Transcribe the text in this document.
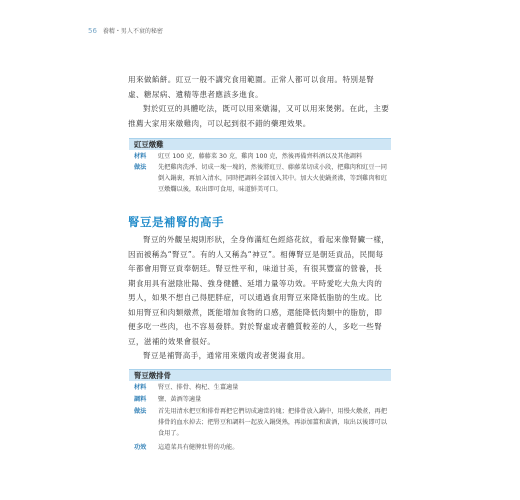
56 養精・男人不衰的秘密

用來做餡餅。豇豆一般不講究食用範圍。正常人都可以食用。特別是腎虛、糖尿病、遺精等患者應該多進食。

對於豇豆的具體吃法，既可以用來燉湯，又可以用來煲粥。在此，主要推薦大家用來燉雞肉，可以起到很不錯的藥理效果。

豇豆燉雞
材料	豇豆 100 克，藤藤菜 30 克，雞肉 100 克，然後再備齊料酒以及其他調料
做法	先把雞肉洗淨、切成一塊一塊的，然後將豇豆、藤藤菜切成小段，把雞肉和豇豆一同倒入鍋裏，再加入清水，同時把調料全部加入其中。加大火使鍋煮沸，等到雞肉和豇豆燉爛以後，取出即可食用，味道鮮美可口。
腎豆是補腎的高手

腎豆的外觀呈規則形狀，全身佈滿紅色經絡花紋，看起來像腎臟一樣，因而被稱為“腎豆”。有的人又稱為“神豆”。相傳腎豆是朝廷貢品，民間每年都會用腎豆貢奉朝廷。腎豆性平和，味道甘美，有很其豐富的營養，長期食用具有滋陰壯陽、強身健體、延增力量等功效。平時愛吃大魚大肉的男人，如果不想自己得肥胖症，可以通過食用腎豆來降低脂肪的生成。比如用腎豆和肉類燉煮，既能增加食物的口感，還能降低肉類中的脂肪，即便多吃一些肉，也不容易發胖。對於腎虛或者體質較差的人，多吃一些腎豆，滋補的效果會很好。

腎豆是補腎高手，通常用來燉肉或者煲湯食用。

腎豆燉排骨
材料	腎豆、排骨、枸杞、生薑適量
調料	鹽、黃酒等適量
做法	首先用清水把豆和排骨再把它們切成適當的塊；把排骨放入鍋中，用慢火燉煮，再把排骨的血水掉去；把腎豆和調料一起放入鍋煲熟，再添加薑和黃酒，取出以後即可以食用了。
功效	這道菜具有健脾壯腎的功能。
